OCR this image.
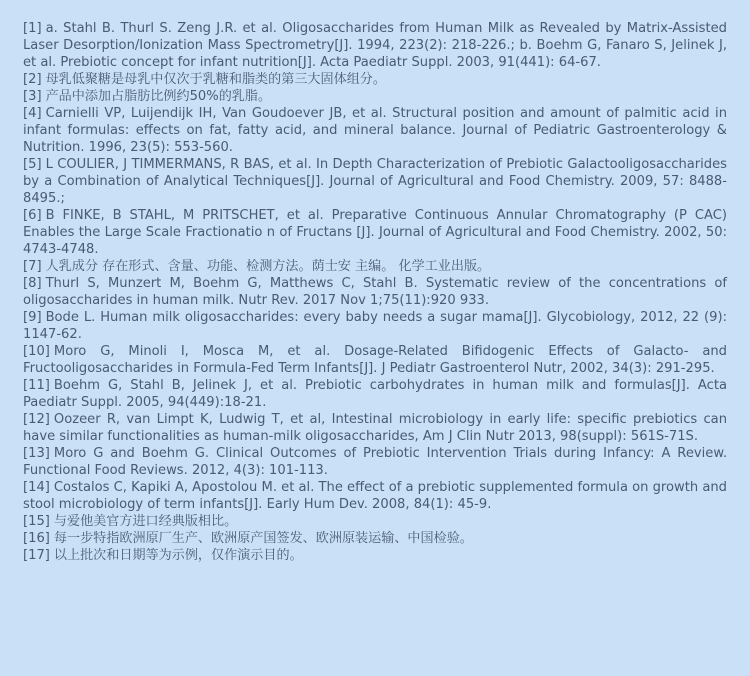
[1] a. Stahl B. Thurl S. Zeng J.R. et al. Oligosaccharides from Human Milk as Revealed by Matrix-Assisted Laser Desorption/Ionization Mass Spectrometry[J]. 1994, 223(2): 218-226.; b. Boehm G, Fanaro S, Jelinek J, et al. Prebiotic concept for infant nutrition[J]. Acta Paediatr Suppl. 2003, 91(441): 64-67.
[2] 母乳低聚糖是母乳中仅次于乳糖和脂类的第三大固体组分。
[3] 产品中添加占脂肪比例约50%的乳脂。
[4] Carnielli VP, Luijendijk IH, Van Goudoever JB, et al. Structural position and amount of palmitic acid in infant formulas: effects on fat, fatty acid, and mineral balance. Journal of Pediatric Gastroenterology & Nutrition. 1996, 23(5): 553-560.
[5] L COULIER, J TIMMERMANS, R BAS, et al. In Depth Characterization of Prebiotic Galactooligosaccharides by a Combination of Analytical Techniques[J]. Journal of Agricultural and Food Chemistry. 2009, 57: 8488-8495.;
[6] B FINKE, B STAHL, M PRITSCHET, et al. Preparative Continuous Annular Chromatography (P CAC) Enables the Large Scale Fractionatio n of Fructans [J]. Journal of Agricultural and Food Chemistry. 2002, 50: 4743-4748.
[7] 人乳成分 存在形式、含量、功能、检测方法。荫士安 主编。 化学工业出版。
[8] Thurl S, Munzert M, Boehm G, Matthews C, Stahl B. Systematic review of the concentrations of oligosaccharides in human milk. Nutr Rev. 2017 Nov 1;75(11):920 933.
[9] Bode L. Human milk oligosaccharides: every baby needs a sugar mama[J]. Glycobiology, 2012, 22 (9): 1147-62.
[10] Moro G, Minoli I, Mosca M, et al. Dosage-Related Bifidogenic Effects of Galacto- and Fructooligosaccharides in Formula-Fed Term Infants[J]. J Pediatr Gastroenterol Nutr, 2002, 34(3): 291-295.
[11] Boehm G, Stahl B, Jelinek J, et al. Prebiotic carbohydrates in human milk and formulas[J]. Acta Paediatr Suppl. 2005, 94(449):18-21.
[12] Oozeer R, van Limpt K, Ludwig T, et al, Intestinal microbiology in early life: specific prebiotics can have similar functionalities as human-milk oligosaccharides, Am J Clin Nutr 2013, 98(suppl): 561S-71S.
[13] Moro G and Boehm G. Clinical Outcomes of Prebiotic Intervention Trials during Infancy: A Review. Functional Food Reviews. 2012, 4(3): 101-113.
[14] Costalos C, Kapiki A, Apostolou M. et al. The effect of a prebiotic supplemented formula on growth and stool microbiology of term infants[J]. Early Hum Dev. 2008, 84(1): 45-9.
[15] 与爱他美官方进口经典版相比。
[16] 每一步特指欧洲原厂生产、欧洲原产国签发、欧洲原装运输、中国检验。
[17] 以上批次和日期等为示例，仅作演示目的。
